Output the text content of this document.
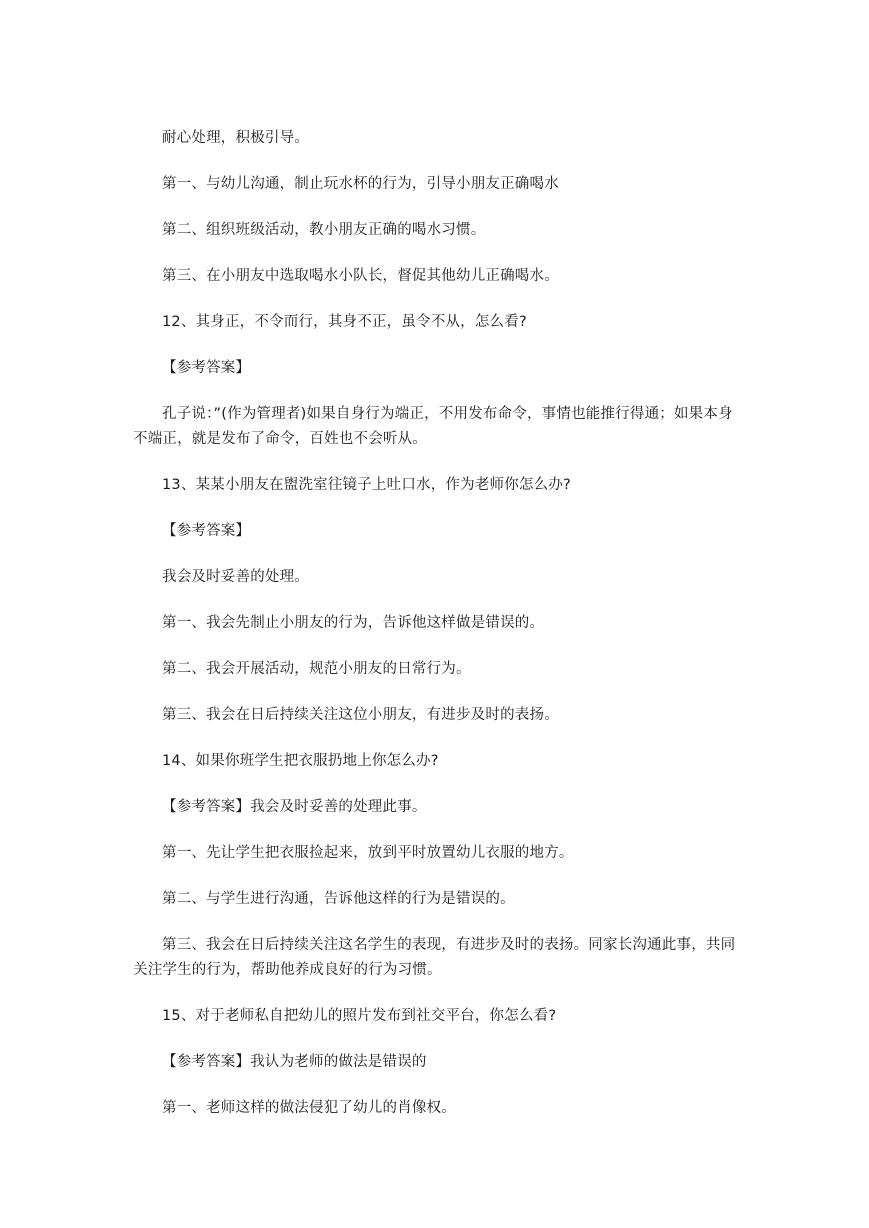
耐心处理，积极引导。

第一、与幼儿沟通，制止玩水杯的行为，引导小朋友正确喝水

第二、组织班级活动，教小朋友正确的喝水习惯。

第三、在小朋友中选取喝水小队长，督促其他幼儿正确喝水。

12、其身正，不令而行，其身不正，虽令不从，怎么看?

【参考答案】

孔子说：”(作为管理者)如果自身行为端正，不用发布命令，事情也能推行得通；如果本身不端正，就是发布了命令，百姓也不会听从。

13、某某小朋友在盥洗室往镜子上吐口水，作为老师你怎么办?

【参考答案】

我会及时妥善的处理。

第一、我会先制止小朋友的行为，告诉他这样做是错误的。

第二、我会开展活动，规范小朋友的日常行为。

第三、我会在日后持续关注这位小朋友，有进步及时的表扬。

14、如果你班学生把衣服扔地上你怎么办?

【参考答案】我会及时妥善的处理此事。

第一、先让学生把衣服捡起来，放到平时放置幼儿衣服的地方。

第二、与学生进行沟通，告诉他这样的行为是错误的。

第三、我会在日后持续关注这名学生的表现，有进步及时的表扬。同家长沟通此事，共同关注学生的行为，帮助他养成良好的行为习惯。

15、对于老师私自把幼儿的照片发布到社交平台，你怎么看?

【参考答案】我认为老师的做法是错误的

第一、老师这样的做法侵犯了幼儿的肖像权。
